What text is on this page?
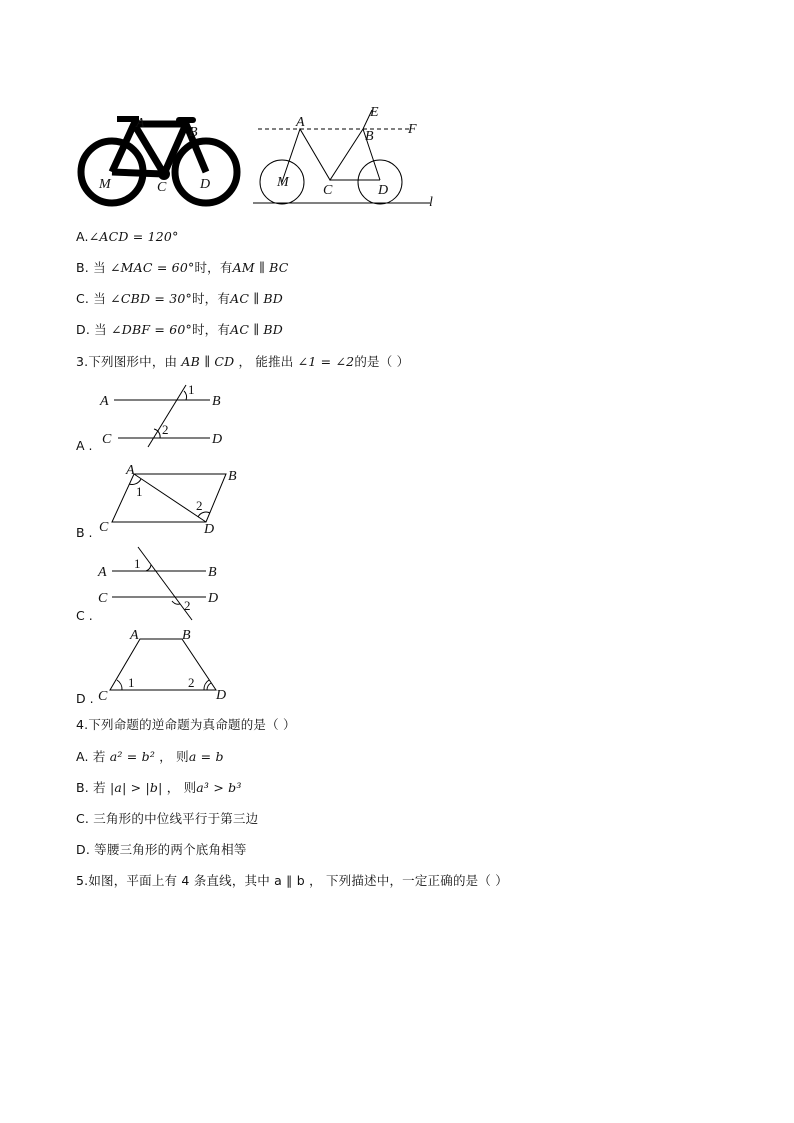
A
B
M	C D
A
B
E
F
M
C	D
l
A.∠ACD = 120°
B. 当 ∠MAC = 60°时，有AM ∥ BC
C. 当 ∠CBD = 30°时，有AC ∥ BD
D. 当 ∠DBF = 60°时，有AC ∥ BD
3.下列图形中，由 AB ∥ CD ， 能推出 ∠1 = ∠2的是（ ）
A .
A	B
C	D
1
2
B .
A	B
C	D
1
2
C .
A	B
C	D
1
2
D .
A	B
C	D
1	2
4.下列命题的逆命题为真命题的是（ ）
A. 若 a² = b² ， 则a = b
B. 若 |a| > |b| ， 则a³ > b³
C. 三角形的中位线平行于第三边
D. 等腰三角形的两个底角相等
5.如图，平面上有 4 条直线，其中 a ∥ b ， 下列描述中，一定正确的是（ ）
